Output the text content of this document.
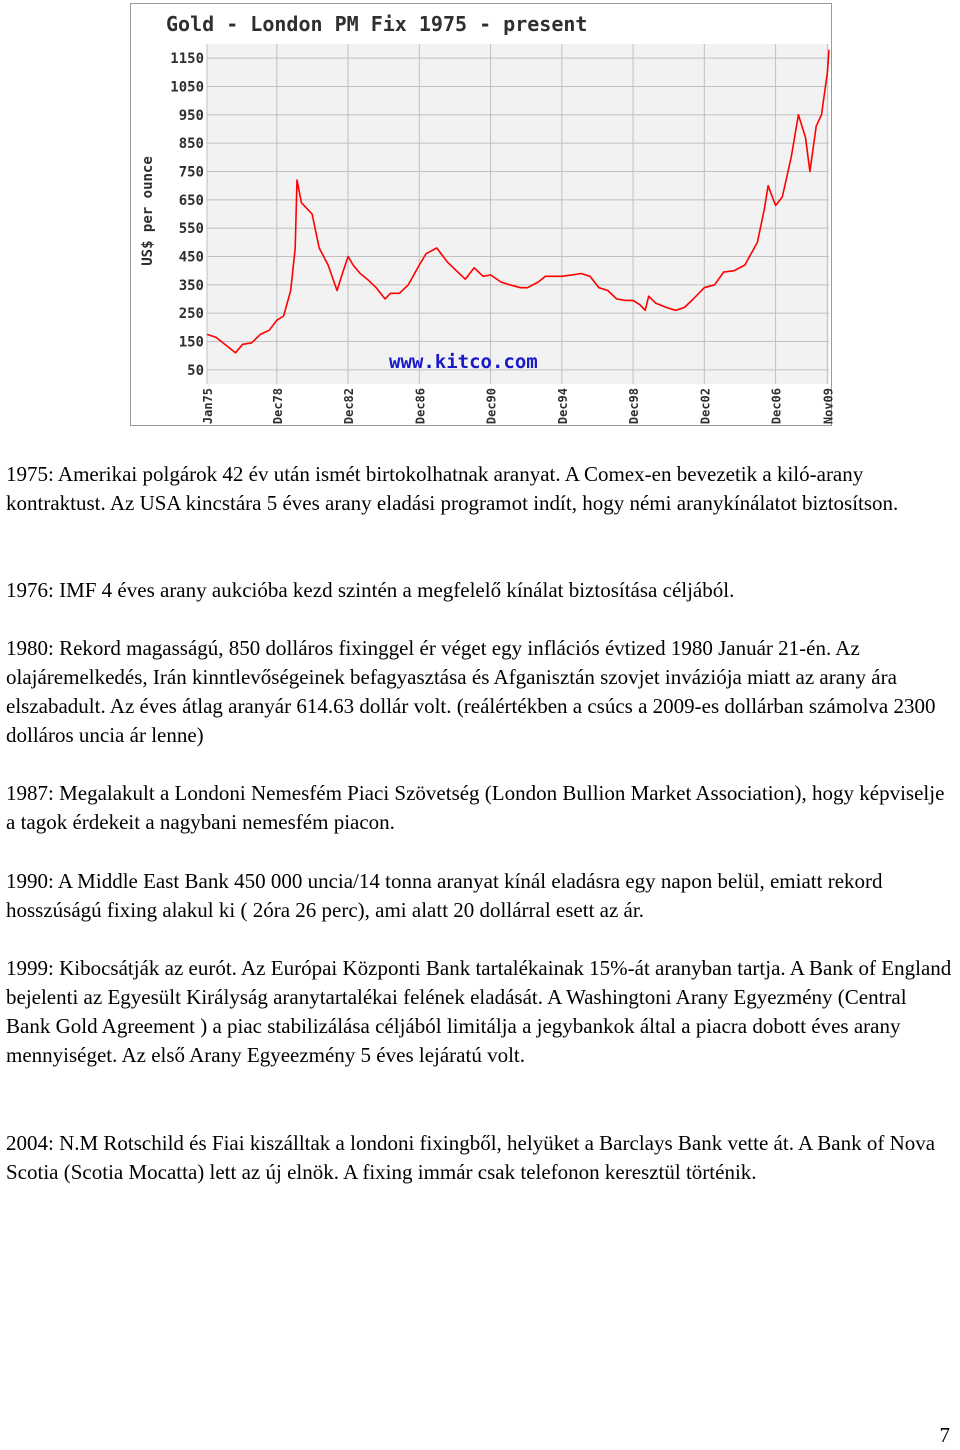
Gold - London PM Fix 1975 - present
US$ per ounce
50
150
250
350
450
550
650
750
850
950
1050
1150
Jan75	Dec78	Dec82	Dec86	Dec90	Dec94	Dec98	Dec02	Dec06	Nov09
www.kitco.com

1975: Amerikai polgárok 42 év után ismét birtokolhatnak aranyat. A Comex-en bevezetik a kiló-arany kontraktust. Az USA kincstára 5 éves arany eladási programot indít, hogy némi aranykínálatot biztosítson.

1976: IMF 4 éves arany aukcióba kezd szintén a megfelelő kínálat biztosítása céljából.

1980: Rekord magasságú, 850 dolláros fixinggel ér véget egy inflációs évtized 1980 Január 21-én. Az olajáremelkedés, Irán kinntlevőségeinek befagyasztása és Afganisztán szovjet inváziója miatt az arany ára elszabadult. Az éves átlag aranyár 614.63 dollár volt. (reálértékben a csúcs a 2009-es dollárban számolva 2300 dolláros uncia ár lenne)

1987: Megalakult a Londoni Nemesfém Piaci Szövetség (London Bullion Market Association), hogy képviselje a tagok érdekeit a nagybani nemesfém piacon.

1990: A Middle East Bank 450 000 uncia/14 tonna aranyat kínál eladásra egy napon belül, emiatt rekord hosszúságú fixing alakul ki ( 2óra 26 perc), ami alatt 20 dollárral esett az ár.

1999: Kibocsátják az eurót. Az Európai Központi Bank tartalékainak 15%-át aranyban tartja. A Bank of England bejelenti az Egyesült Királyság aranytartalékai felének eladását. A Washingtoni Arany Egyezmény (Central Bank Gold Agreement ) a piac stabilizálása céljából limitálja a jegybankok által a piacra dobott éves arany mennyiséget. Az első Arany Egyeezmény 5 éves lejáratú volt.

2004: N.M Rotschild és Fiai kiszálltak a londoni fixingből, helyüket a Barclays Bank vette át. A Bank of Nova Scotia (Scotia Mocatta) lett az új elnök. A fixing immár csak telefonon keresztül történik.

7
